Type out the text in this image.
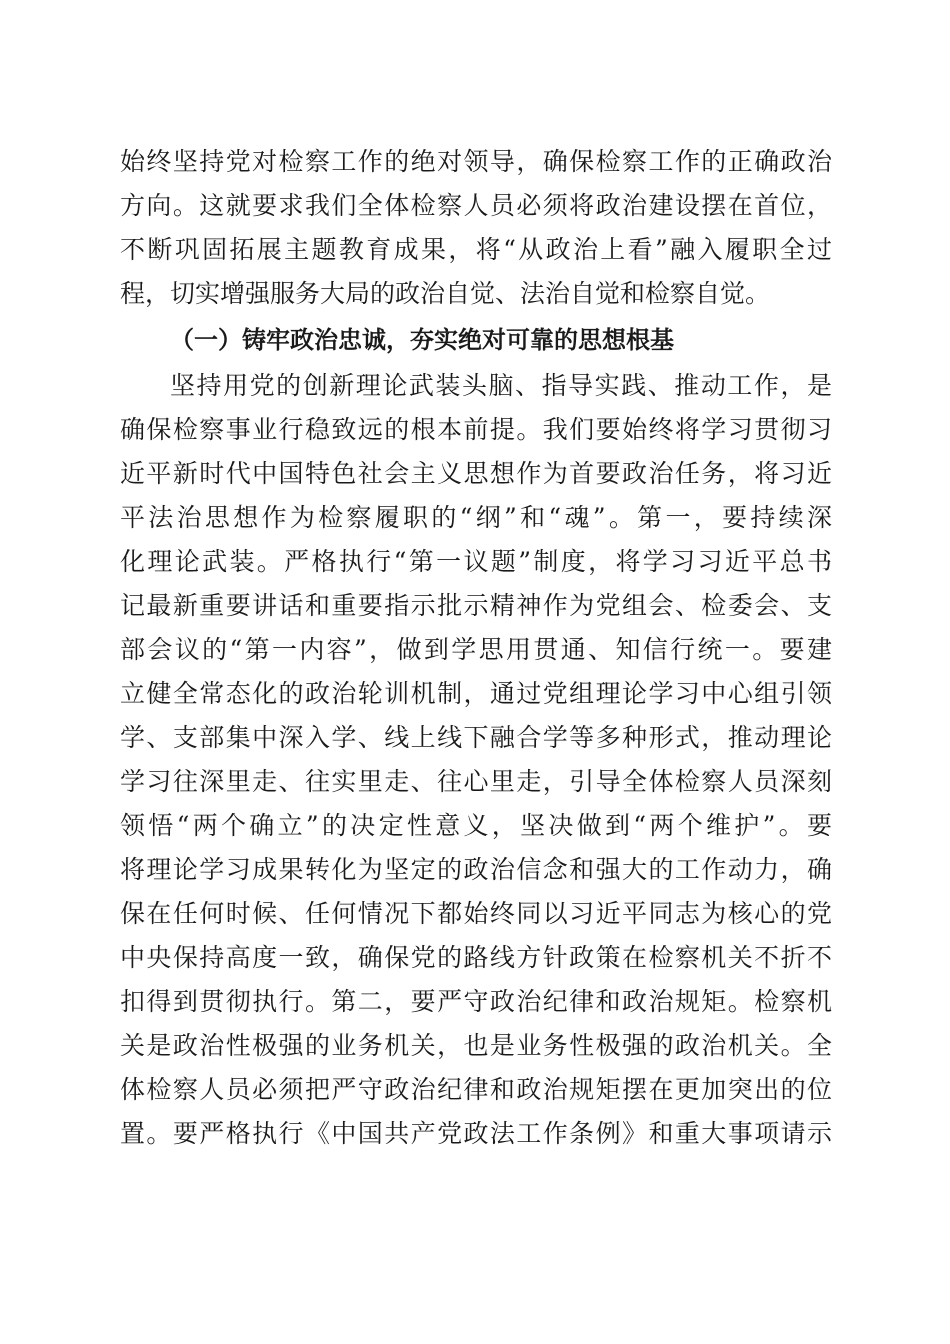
始终坚持党对检察工作的绝对领导，确保检察工作的正确政治
方向。这就要求我们全体检察人员必须将政治建设摆在首位，
不断巩固拓展主题教育成果，将“从政治上看”融入履职全过
程，切实增强服务大局的政治自觉、法治自觉和检察自觉。
（一）铸牢政治忠诚，夯实绝对可靠的思想根基
坚持用党的创新理论武装头脑、指导实践、推动工作，是
确保检察事业行稳致远的根本前提。我们要始终将学习贯彻习
近平新时代中国特色社会主义思想作为首要政治任务，将习近
平法治思想作为检察履职的“纲”和“魂”。第一，要持续深
化理论武装。严格执行“第一议题”制度，将学习习近平总书
记最新重要讲话和重要指示批示精神作为党组会、检委会、支
部会议的“第一内容”，做到学思用贯通、知信行统一。要建
立健全常态化的政治轮训机制，通过党组理论学习中心组引领
学、支部集中深入学、线上线下融合学等多种形式，推动理论
学习往深里走、往实里走、往心里走，引导全体检察人员深刻
领悟“两个确立”的决定性意义，坚决做到“两个维护”。要
将理论学习成果转化为坚定的政治信念和强大的工作动力，确
保在任何时候、任何情况下都始终同以习近平同志为核心的党
中央保持高度一致，确保党的路线方针政策在检察机关不折不
扣得到贯彻执行。第二，要严守政治纪律和政治规矩。检察机
关是政治性极强的业务机关，也是业务性极强的政治机关。全
体检察人员必须把严守政治纪律和政治规矩摆在更加突出的位
置。要严格执行《中国共产党政法工作条例》和重大事项请示
